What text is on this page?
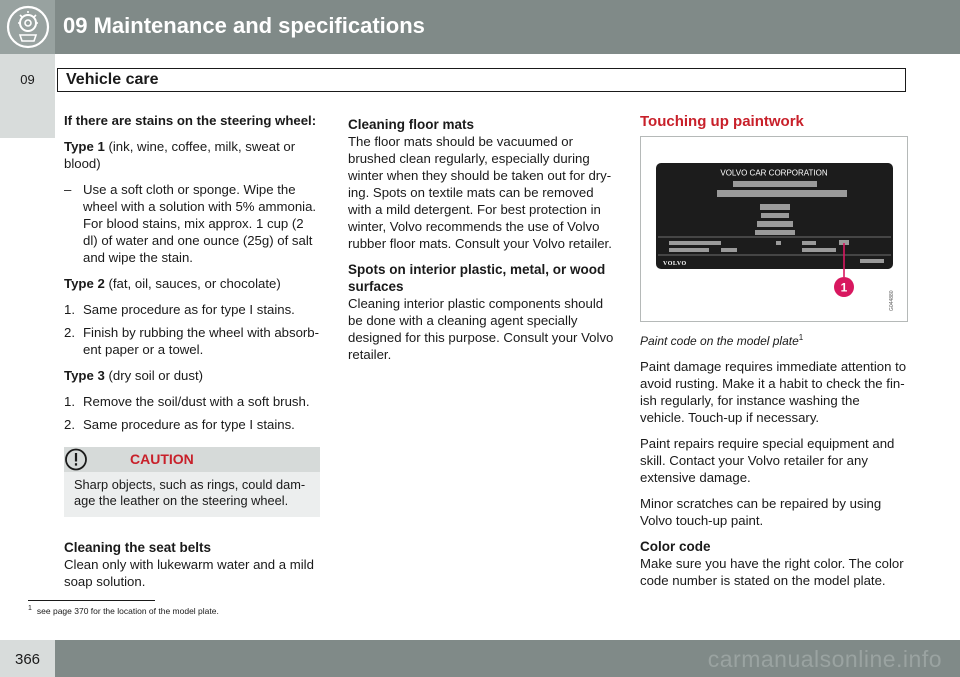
09 Maintenance and specifications
09	Vehicle care

If there are stains on the steering wheel:

Type 1 (ink, wine, coffee, milk, sweat or blood)

– Use a soft cloth or sponge. Wipe the wheel with a solution with 5% ammonia. For blood stains, mix approx. 1 cup (2 dl) of water and one ounce (25g) of salt and wipe the stain.

Type 2 (fat, oil, sauces, or chocolate)

1. Same procedure as for type I stains.
2. Finish by rubbing the wheel with absorb-ent paper or a towel.

Type 3 (dry soil or dust)

1. Remove the soil/dust with a soft brush.
2. Same procedure as for type I stains.
CAUTION
Sharp objects, such as rings, could dam-age the leather on the steering wheel.
Cleaning the seat belts

Clean only with lukewarm water and a mild soap solution.

Cleaning floor mats

The floor mats should be vacuumed or brushed clean regularly, especially during winter when they should be taken out for dry-ing. Spots on textile mats can be removed with a mild detergent. For best protection in winter, Volvo recommends the use of Volvo rubber floor mats. Consult your Volvo retailer.

Spots on interior plastic, metal, or wood surfaces

Cleaning interior plastic components should be done with a cleaning agent specially designed for this purpose. Consult your Volvo retailer.

Touching up paintwork
VOLVO CAR CORPORATION
VOLVO
1
G044880
Paint code on the model plate$^1$

Paint damage requires immediate attention to avoid rusting. Make it a habit to check the fin-ish regularly, for instance washing the vehicle. Touch-up if necessary.

Paint repairs require special equipment and skill. Contact your Volvo retailer for any extensive damage.

Minor scratches can be repaired by using Volvo touch-up paint.

Color code

Make sure you have the right color. The color code number is stated on the model plate.

$^1$ see page 370 for the location of the model plate.
366	carmanualsonline.info
